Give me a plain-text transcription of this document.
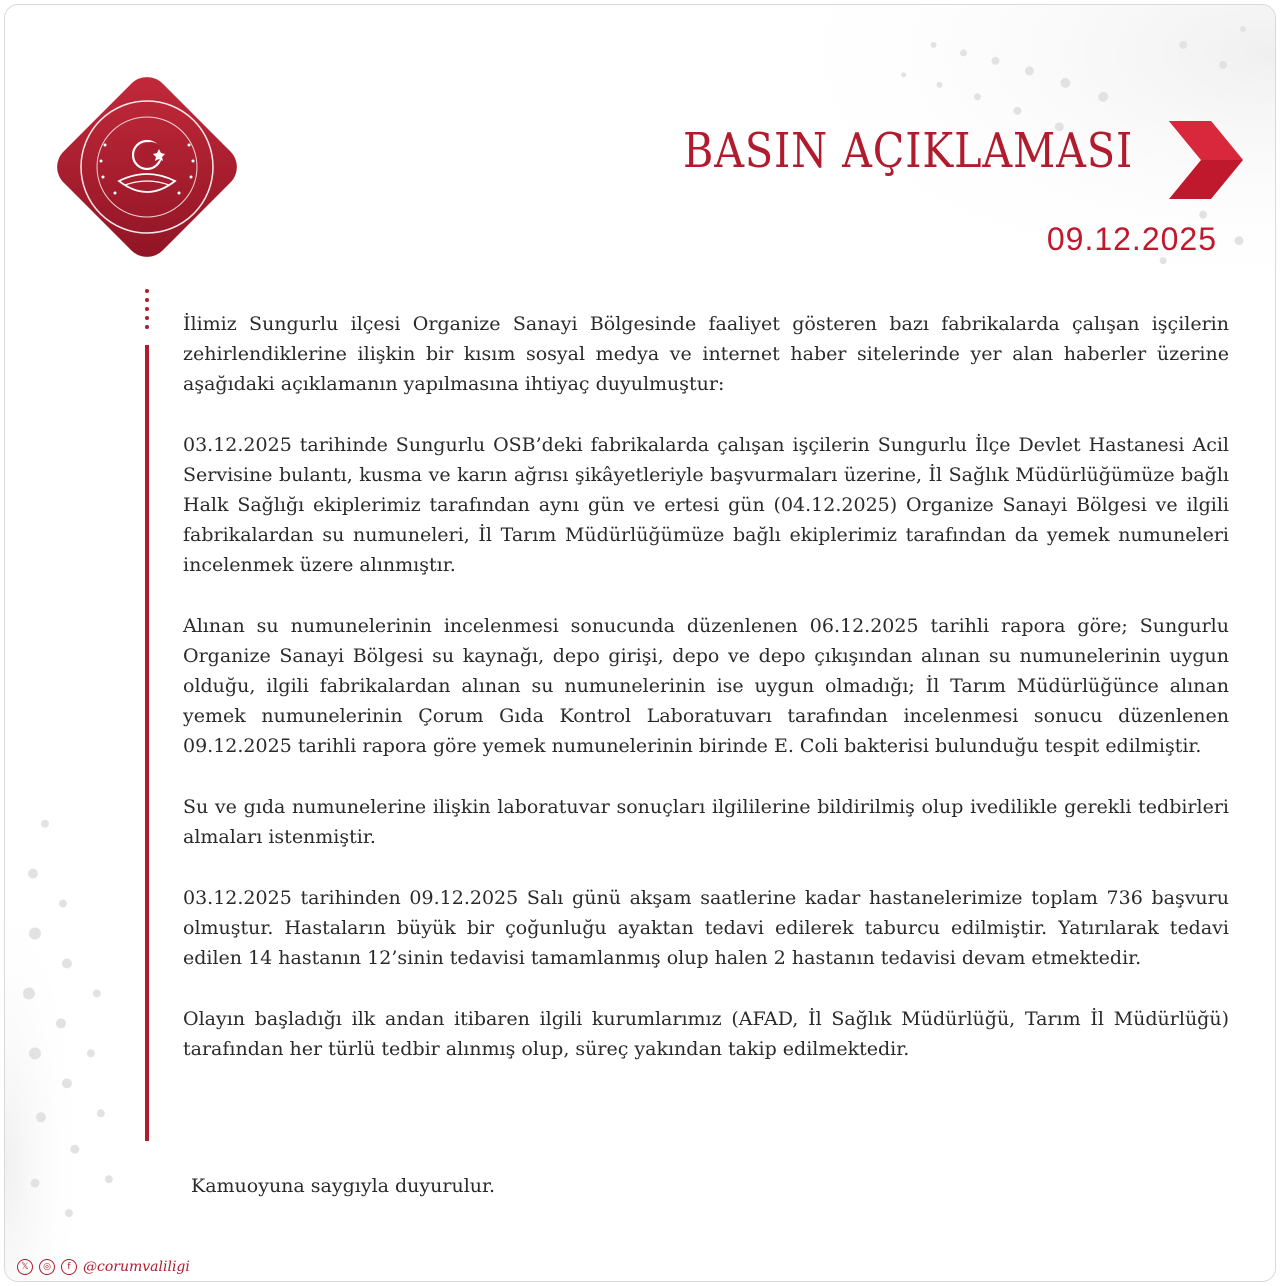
BASIN AÇIKLAMASI
09.12.2025

İlimiz Sungurlu ilçesi Organize Sanayi Bölgesinde faaliyet gösteren bazı fabrikalarda çalışan işçilerin zehirlendiklerine ilişkin bir kısım sosyal medya ve internet haber sitelerinde yer alan haberler üzerine aşağıdaki açıklamanın yapılmasına ihtiyaç duyulmuştur:

03.12.2025 tarihinde Sungurlu OSB’deki fabrikalarda çalışan işçilerin Sungurlu İlçe Devlet Hastanesi Acil Servisine bulantı, kusma ve karın ağrısı şikâyetleriyle başvurmaları üzerine, İl Sağlık Müdürlüğümüze bağlı Halk Sağlığı ekiplerimiz tarafından aynı gün ve ertesi gün (04.12.2025) Organize Sanayi Bölgesi ve ilgili fabrikalardan su numuneleri, İl Tarım Müdürlüğümüze bağlı ekiplerimiz tarafından da yemek numuneleri incelenmek üzere alınmıştır.

Alınan su numunelerinin incelenmesi sonucunda düzenlenen 06.12.2025 tarihli rapora göre; Sungurlu Organize Sanayi Bölgesi su kaynağı, depo girişi, depo ve depo çıkışından alınan su numunelerinin uygun olduğu, ilgili fabrikalardan alınan su numunelerinin ise uygun olmadığı; İl Tarım Müdürlüğünce alınan yemek numunelerinin Çorum Gıda Kontrol Laboratuvarı tarafından incelenmesi sonucu düzenlenen 09.12.2025 tarihli rapora göre yemek numunelerinin birinde E. Coli bakterisi bulunduğu tespit edilmiştir.

Su ve gıda numunelerine ilişkin laboratuvar sonuçları ilgililerine bildirilmiş olup ivedilikle gerekli tedbirleri almaları istenmiştir.

03.12.2025 tarihinden 09.12.2025 Salı günü akşam saatlerine kadar hastanelerimize toplam 736 başvuru olmuştur. Hastaların büyük bir çoğunluğu ayaktan tedavi edilerek taburcu edilmiştir. Yatırılarak tedavi edilen 14 hastanın 12’sinin tedavisi tamamlanmış olup halen 2 hastanın tedavisi devam etmektedir.

Olayın başladığı ilk andan itibaren ilgili kurumlarımız (AFAD, İl Sağlık Müdürlüğü, Tarım İl Müdürlüğü) tarafından her türlü tedbir alınmış olup, süreç yakından takip edilmektedir.

Kamuoyuna saygıyla duyurulur.
𝕏	◎	f @corumvaliligi
